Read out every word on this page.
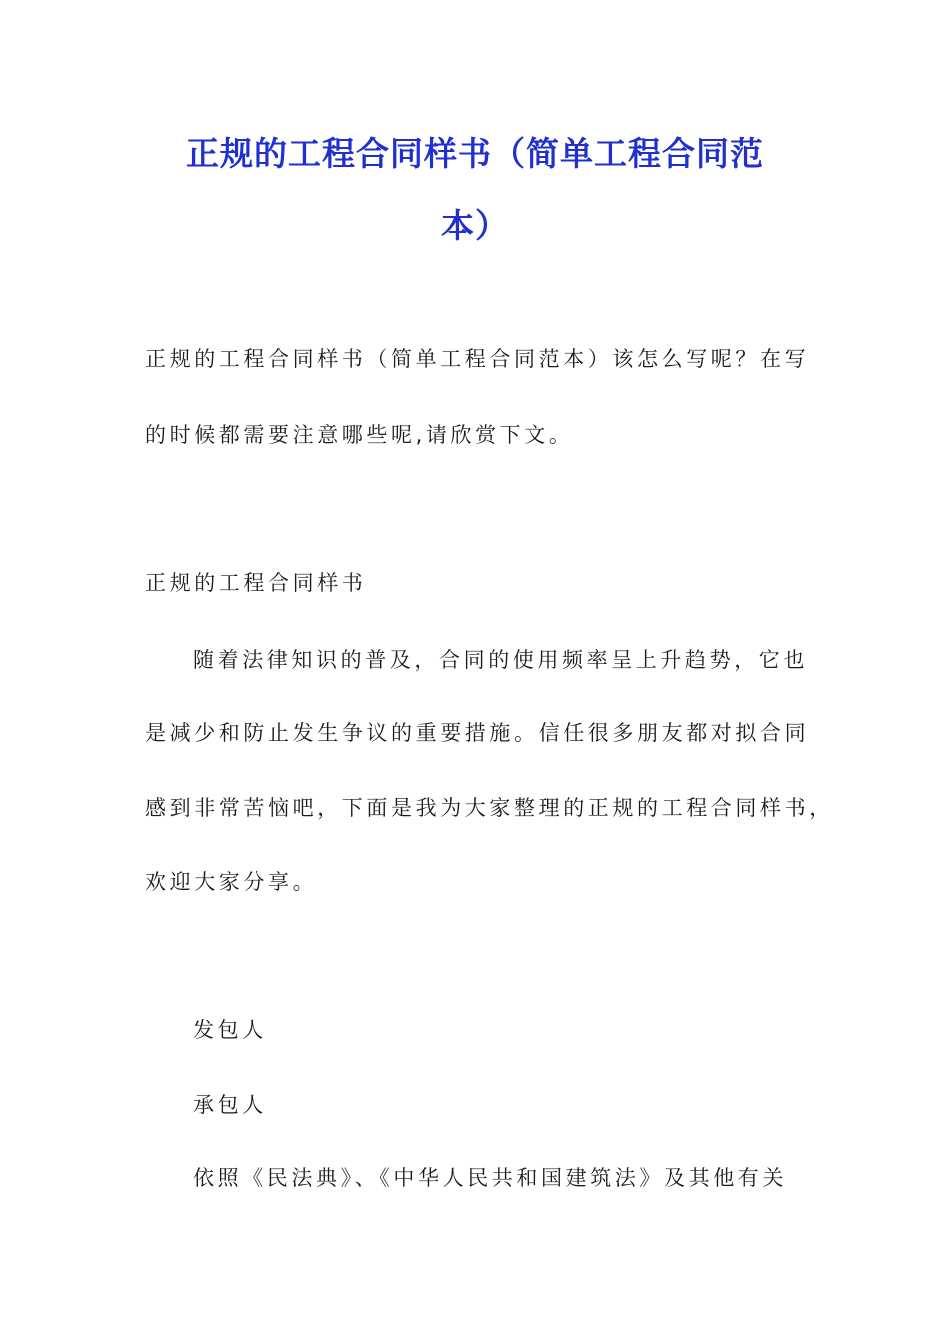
正规的工程合同样书（简单工程合同范
本）

正规的工程合同样书（简单工程合同范本）该怎么写呢？在写

的时候都需要注意哪些呢,请欣赏下文。

正规的工程合同样书

随着法律知识的普及，合同的使用频率呈上升趋势，它也

是减少和防止发生争议的重要措施。信任很多朋友都对拟合同

感到非常苦恼吧，下面是我为大家整理的正规的工程合同样书，

欢迎大家分享。

发包人

承包人

依照《民法典》、《中华人民共和国建筑法》及其他有关
